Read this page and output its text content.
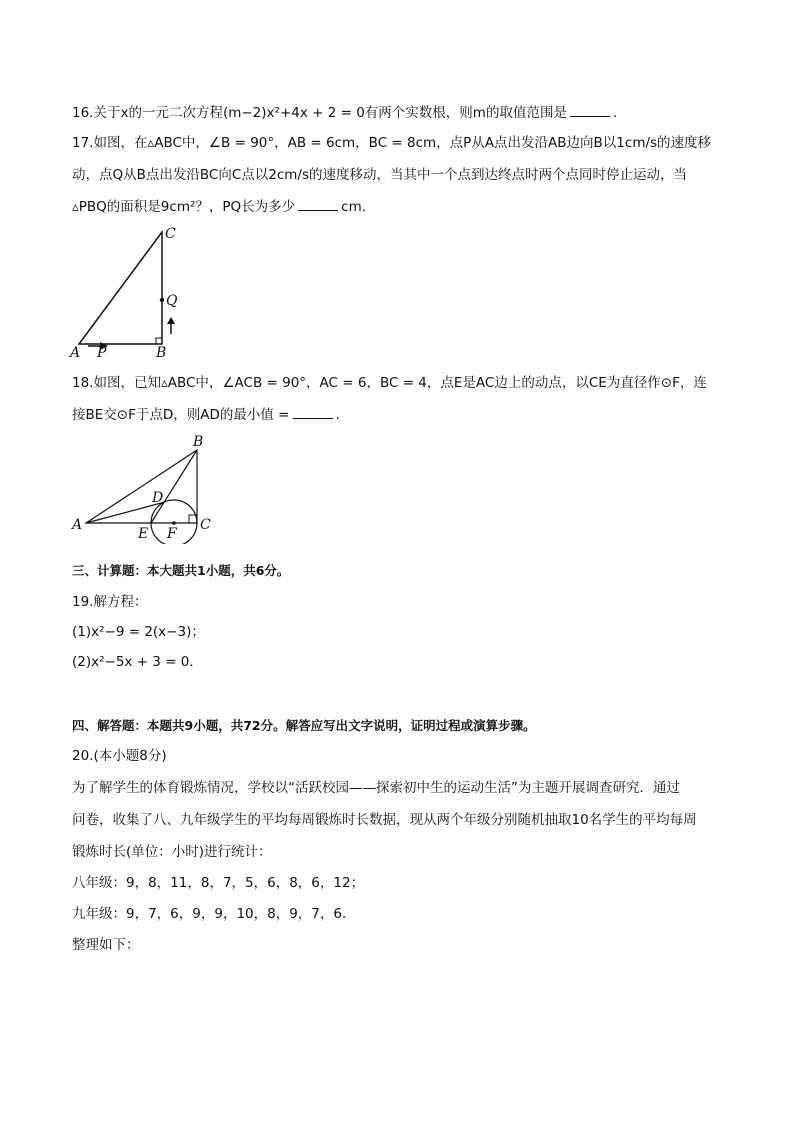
16.关于x的一元二次方程(m−2)x²+4x + 2 = 0有两个实数根，则m的取值范围是	.
17.如图，在▵ABC中，∠B = 90°，AB = 6cm，BC = 8cm，点P从A点出发沿AB边向B以1cm/s的速度移
动，点Q从B点出发沿BC向C点以2cm/s的速度移动，当其中一个点到达终点时两个点同时停止运动，当
▵PBQ的面积是9cm²？，PQ长为多少	cm.
C
Q
A P	B
18.如图，已知▵ABC中，∠ACB = 90°，AC = 6，BC = 4，点E是AC边上的动点，以CE为直径作⊙F，连
接BE交⊙F于点D，则AD的最小值 =	.
B
D
A	C
E F
三、计算题：本大题共1小题，共6分。
19.解方程：
(1)x²−9 = 2(x−3)；
(2)x²−5x + 3 = 0.
四、解答题：本题共9小题，共72分。解答应写出文字说明，证明过程或演算步骤。
20.(本小题8分)
为了解学生的体育锻炼情况，学校以“活跃校园——探索初中生的运动生活”为主题开展调查研究．通过
问卷，收集了八、九年级学生的平均每周锻炼时长数据，现从两个年级分别随机抽取10名学生的平均每周
锻炼时长(单位：小时)进行统计：
八年级：9，8，11，8，7，5，6，8，6，12；
九年级：9，7，6，9，9，10，8，9，7，6.
整理如下：
